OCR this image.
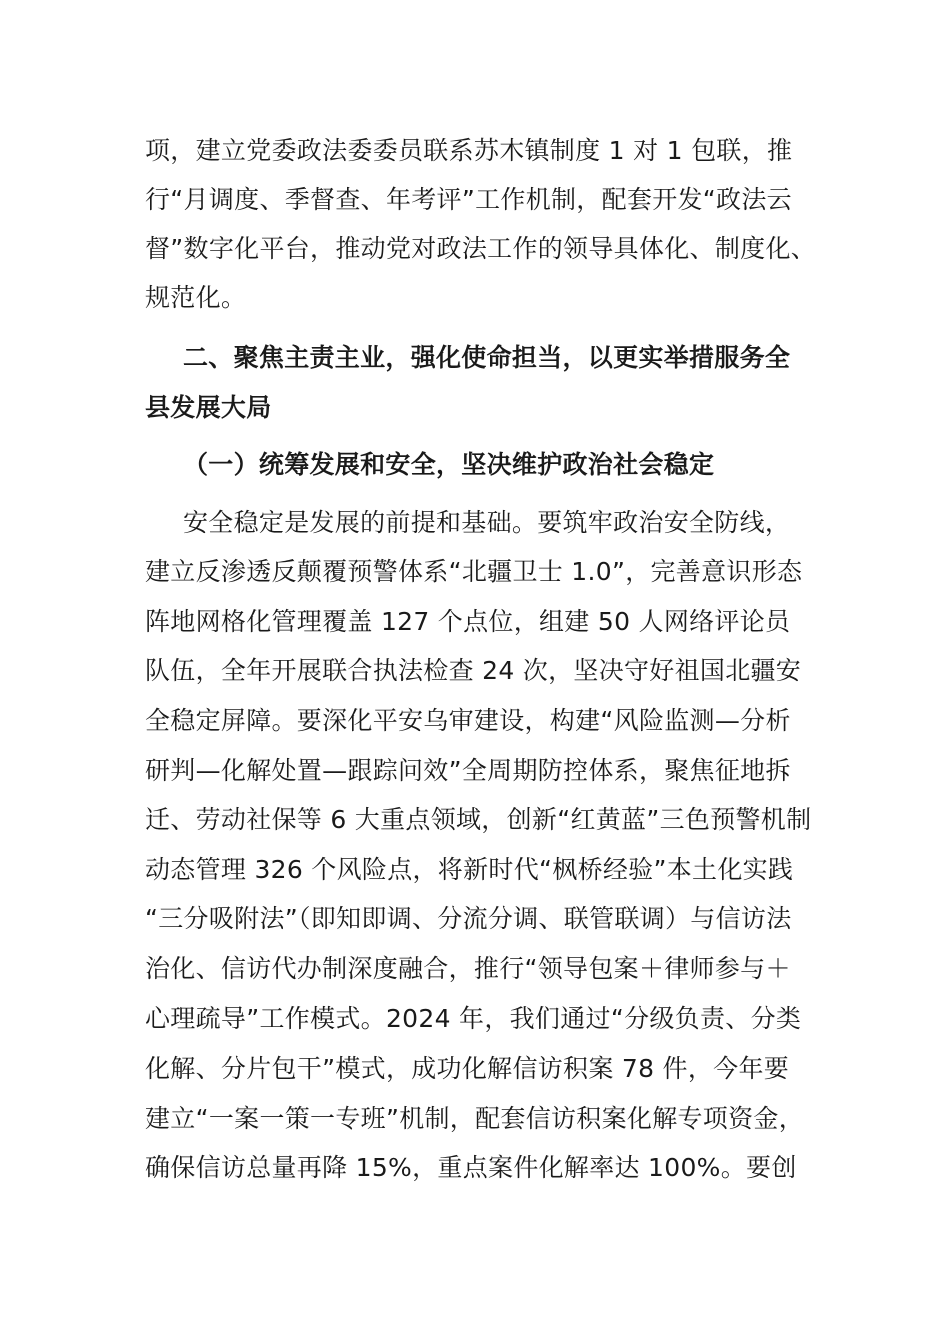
项，建立党委政法委委员联系苏木镇制度 1 对 1 包联，推
行“月调度、季督查、年考评”工作机制，配套开发“政法云
督”数字化平台，推动党对政法工作的领导具体化、制度化、
规范化。
二、聚焦主责主业，强化使命担当，以更实举措服务全
县发展大局
（一）统筹发展和安全，坚决维护政治社会稳定
安全稳定是发展的前提和基础。要筑牢政治安全防线，
建立反渗透反颠覆预警体系“北疆卫士 1.0”，完善意识形态
阵地网格化管理覆盖 127 个点位，组建 50 人网络评论员
队伍，全年开展联合执法检查 24 次，坚决守好祖国北疆安
全稳定屏障。要深化平安乌审建设，构建“风险监测—分析
研判—化解处置—跟踪问效”全周期防控体系，聚焦征地拆
迁、劳动社保等 6 大重点领域，创新“红黄蓝”三色预警机制
动态管理 326 个风险点，将新时代“枫桥经验”本土化实践
“三分吸附法”（即知即调、分流分调、联管联调）与信访法
治化、信访代办制深度融合，推行“领导包案＋律师参与＋
心理疏导”工作模式。2024 年，我们通过“分级负责、分类
化解、分片包干”模式，成功化解信访积案 78 件，今年要
建立“一案一策一专班”机制，配套信访积案化解专项资金，
确保信访总量再降 15%，重点案件化解率达 100%。要创
